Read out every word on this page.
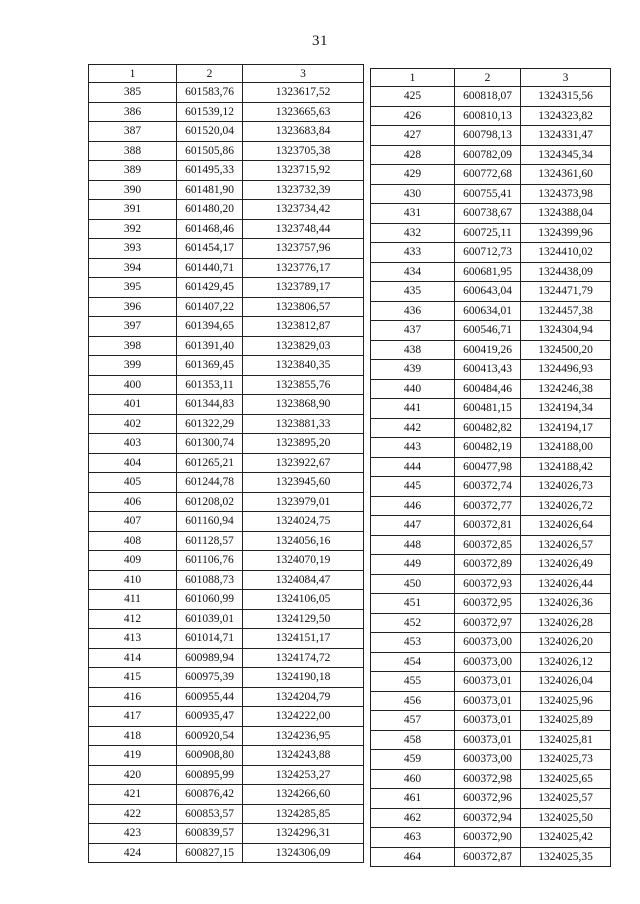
31
1	2	3
385	601583,76	1323617,52
386	601539,12	1323665,63
387	601520,04	1323683,84
388	601505,86	1323705,38
389	601495,33	1323715,92
390	601481,90	1323732,39
391	601480,20	1323734,42
392	601468,46	1323748,44
393	601454,17	1323757,96
394	601440,71	1323776,17
395	601429,45	1323789,17
396	601407,22	1323806,57
397	601394,65	1323812,87
398	601391,40	1323829,03
399	601369,45	1323840,35
400	601353,11	1323855,76
401	601344,83	1323868,90
402	601322,29	1323881,33
403	601300,74	1323895,20
404	601265,21	1323922,67
405	601244,78	1323945,60
406	601208,02	1323979,01
407	601160,94	1324024,75
408	601128,57	1324056,16
409	601106,76	1324070,19
410	601088,73	1324084,47
411	601060,99	1324106,05
412	601039,01	1324129,50
413	601014,71	1324151,17
414	600989,94	1324174,72
415	600975,39	1324190,18
416	600955,44	1324204,79
417	600935,47	1324222,00
418	600920,54	1324236,95
419	600908,80	1324243,88
420	600895,99	1324253,27
421	600876,42	1324266,60
422	600853,57	1324285,85
423	600839,57	1324296,31
424	600827,15	1324306,09
1	2	3
425	600818,07	1324315,56
426	600810,13	1324323,82
427	600798,13	1324331,47
428	600782,09	1324345,34
429	600772,68	1324361,60
430	600755,41	1324373,98
431	600738,67	1324388,04
432	600725,11	1324399,96
433	600712,73	1324410,02
434	600681,95	1324438,09
435	600643,04	1324471,79
436	600634,01	1324457,38
437	600546,71	1324304,94
438	600419,26	1324500,20
439	600413,43	1324496,93
440	600484,46	1324246,38
441	600481,15	1324194,34
442	600482,82	1324194,17
443	600482,19	1324188,00
444	600477,98	1324188,42
445	600372,74	1324026,73
446	600372,77	1324026,72
447	600372,81	1324026,64
448	600372,85	1324026,57
449	600372,89	1324026,49
450	600372,93	1324026,44
451	600372,95	1324026,36
452	600372,97	1324026,28
453	600373,00	1324026,20
454	600373,00	1324026,12
455	600373,01	1324026,04
456	600373,01	1324025,96
457	600373,01	1324025,89
458	600373,01	1324025,81
459	600373,00	1324025,73
460	600372,98	1324025,65
461	600372,96	1324025,57
462	600372,94	1324025,50
463	600372,90	1324025,42
464	600372,87	1324025,35
